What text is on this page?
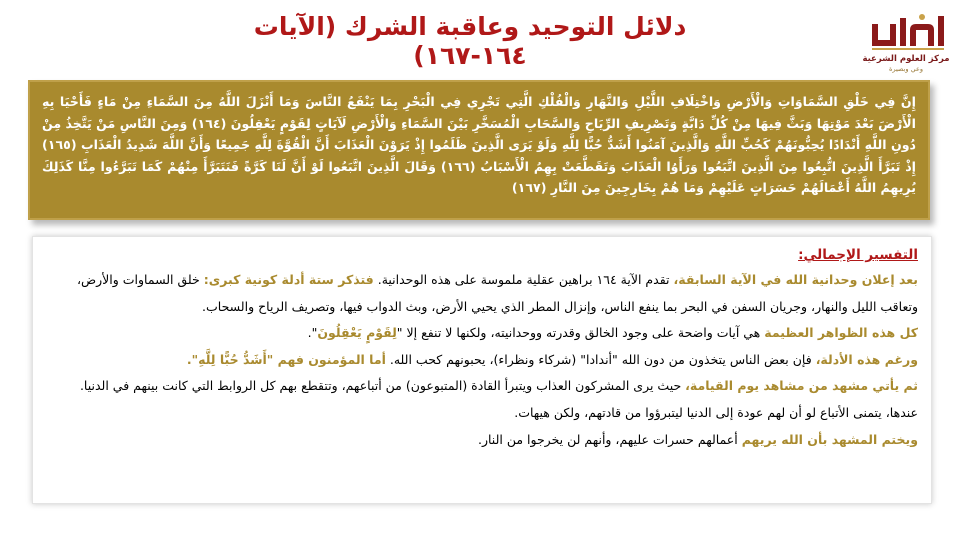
دلائل التوحيد وعاقبة الشرك (الآيات ١٦٤-١٦٧)	مركز العلوم الشرعية
وعي وبصيرة
إِنَّ فِي خَلْقِ السَّمَاوَاتِ وَالْأَرْضِ وَاخْتِلَافِ اللَّيْلِ وَالنَّهَارِ وَالْفُلْكِ الَّتِي تَجْرِي فِي الْبَحْرِ بِمَا يَنْفَعُ النَّاسَ وَمَا أَنْزَلَ اللَّهُ مِنَ السَّمَاءِ مِنْ مَاءٍ فَأَحْيَا بِهِ الْأَرْضَ بَعْدَ مَوْتِهَا وَبَثَّ فِيهَا مِنْ كُلِّ دَابَّةٍ وَتَصْرِيفِ الرِّيَاحِ وَالسَّحَابِ الْمُسَخَّرِ بَيْنَ السَّمَاءِ وَالْأَرْضِ لَآيَاتٍ لِقَوْمٍ يَعْقِلُونَ (١٦٤) وَمِنَ النَّاسِ مَنْ يَتَّخِذُ مِنْ دُونِ اللَّهِ أَنْدَادًا يُحِبُّونَهُمْ كَحُبِّ اللَّهِ وَالَّذِينَ آمَنُوا أَشَدُّ حُبًّا لِلَّهِ وَلَوْ يَرَى الَّذِينَ ظَلَمُوا إِذْ يَرَوْنَ الْعَذَابَ أَنَّ الْقُوَّةَ لِلَّهِ جَمِيعًا وَأَنَّ اللَّهَ شَدِيدُ الْعَذَابِ (١٦٥) إِذْ تَبَرَّأَ الَّذِينَ اتُّبِعُوا مِنَ الَّذِينَ اتَّبَعُوا وَرَأَوُا الْعَذَابَ وَتَقَطَّعَتْ بِهِمُ الْأَسْبَابُ (١٦٦) وَقَالَ الَّذِينَ اتَّبَعُوا لَوْ أَنَّ لَنَا كَرَّةً فَنَتَبَرَّأَ مِنْهُمْ كَمَا تَبَرَّءُوا مِنَّا كَذَلِكَ يُرِيهِمُ اللَّهُ أَعْمَالَهُمْ حَسَرَاتٍ عَلَيْهِمْ وَمَا هُمْ بِخَارِجِينَ مِنَ النَّارِ (١٦٧)
التفسير الإجمالي:
بعد إعلان وحدانية الله في الآية السابقة، تقدم الآية ١٦٤ براهين عقلية ملموسة على هذه الوحدانية. فتذكر ستة أدلة كونية كبرى: خلق السماوات والأرض،
وتعاقب الليل والنهار، وجريان السفن في البحر بما ينفع الناس، وإنزال المطر الذي يحيي الأرض، وبث الدواب فيها، وتصريف الرياح والسحاب.
كل هذه الظواهر العظيمة هي آيات واضحة على وجود الخالق وقدرته ووحدانيته، ولكنها لا تنفع إلا "لِقَوْمٍ يَعْقِلُونَ".
ورغم هذه الأدلة، فإن بعض الناس يتخذون من دون الله "أندادا" (شركاء ونظراء)، يحبونهم كحب الله. أما المؤمنون فهم "أَشَدُّ حُبًّا لِلَّهِ".
ثم يأتي مشهد من مشاهد يوم القيامة، حيث يرى المشركون العذاب ويتبرأ القادة (المتبوعون) من أتباعهم، وتتقطع بهم كل الروابط التي كانت بينهم في الدنيا.
عندها، يتمنى الأتباع لو أن لهم عودة إلى الدنيا ليتبرؤوا من قادتهم، ولكن هيهات.
ويختم المشهد بأن الله يريهم أعمالهم حسرات عليهم، وأنهم لن يخرجوا من النار.
